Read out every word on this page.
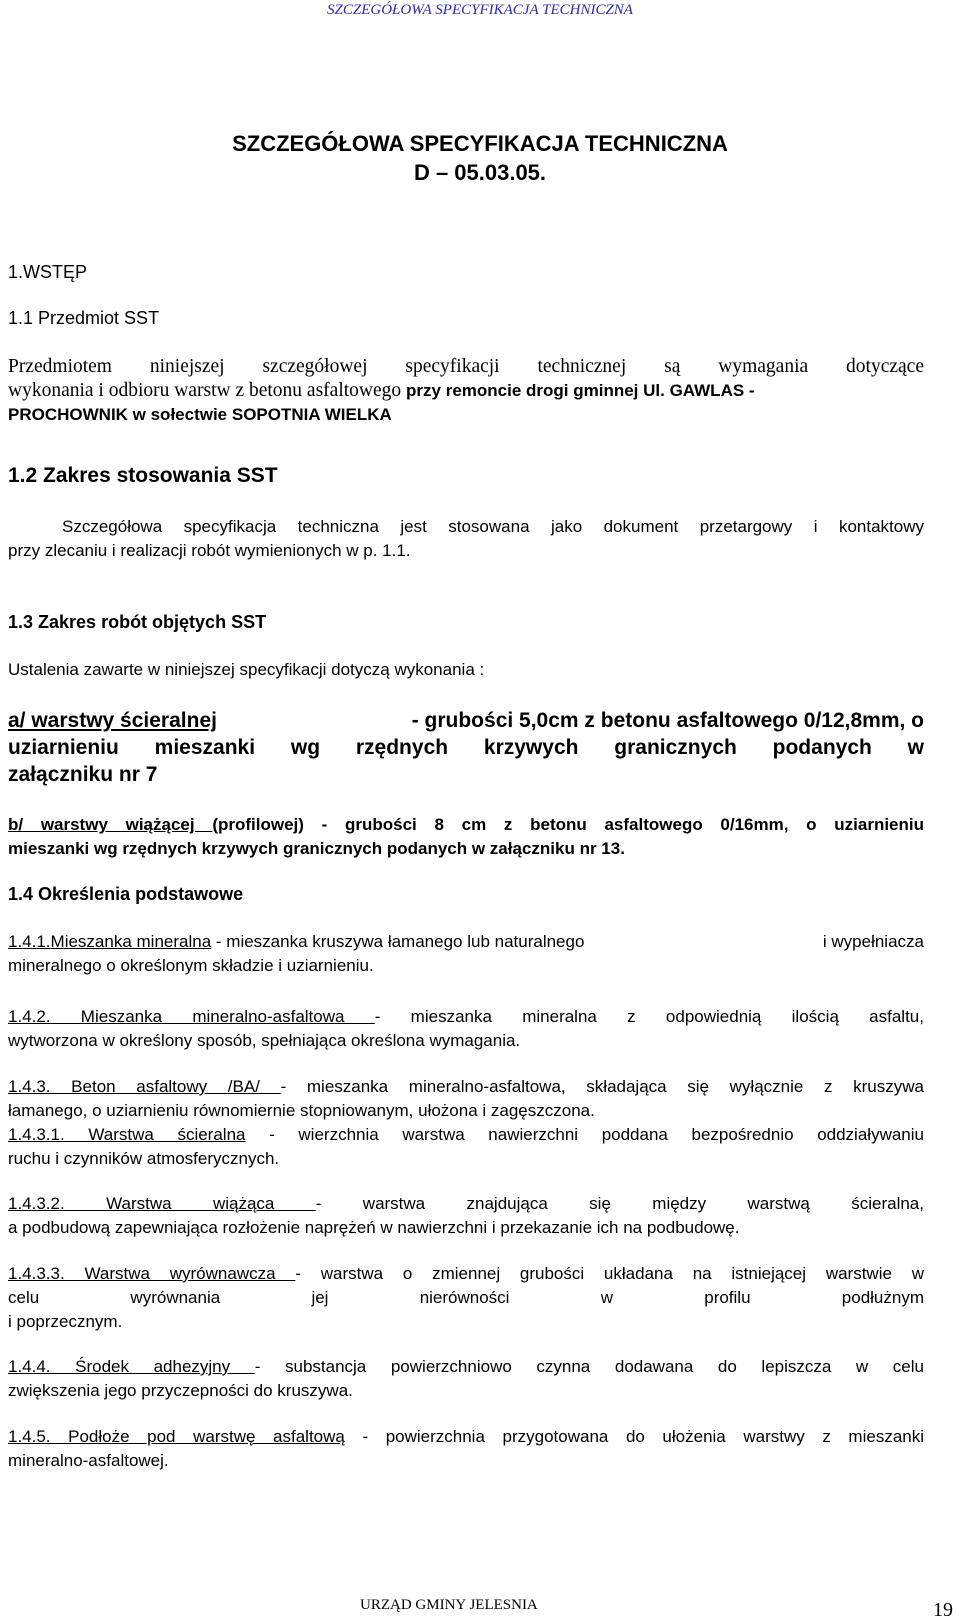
SZCZEGÓŁOWA SPECYFIKACJA TECHNICZNA
SZCZEGÓŁOWA SPECYFIKACJA TECHNICZNA
D – 05.03.05.
1.WSTĘP
1.1 Przedmiot SST

Przedmiotem niniejszej szczegółowej specyfikacji technicznej są wymagania dotyczące

wykonania i odbioru warstw z betonu asfaltowego przy remoncie drogi gminnej Ul. GAWLAS -

PROCHOWNIK w sołectwie SOPOTNIA WIELKA

1.2 Zakres stosowania SST
Szczegółowa specyfikacja techniczna jest stosowana jako dokument przetargowy i kontaktowy
przy zlecaniu i realizacji robót wymienionych w p. 1.1.
1.3 Zakres robót objętych SST
Ustalenia zawarte w niniejszej specyfikacji dotyczą wykonania :
a/ warstwy ścieralnej	- grubości 5,0cm z betonu asfaltowego 0/12,8mm, o
uziarnieniu mieszanki wg rzędnych krzywych granicznych podanych w
załączniku nr 7
b/ warstwy wiążącej (profilowej) - grubości 8 cm z betonu asfaltowego 0/16mm, o uziarnieniu
mieszanki wg rzędnych krzywych granicznych podanych w załączniku nr 13.
1.4 Określenia podstawowe
1.4.1.Mieszanka mineralna - mieszanka kruszywa łamanego lub naturalnego	i wypełniacza
mineralnego o określonym składzie i uziarnieniu.
1.4.2. Mieszanka mineralno-asfaltowa - mieszanka mineralna z odpowiednią ilością asfaltu,
wytworzona w określony sposób, spełniająca określona wymagania.
1.4.3. Beton asfaltowy /BA/ - mieszanka mineralno-asfaltowa, składająca się wyłącznie z kruszywa
łamanego, o uziarnieniu równomiernie stopniowanym, ułożona i zagęszczona.
1.4.3.1. Warstwa ścieralna - wierzchnia warstwa nawierzchni poddana bezpośrednio oddziaływaniu
ruchu i czynników atmosferycznych.
1.4.3.2. Warstwa wiążąca - warstwa znajdująca się między warstwą ścieralna,
a podbudową zapewniająca rozłożenie naprężeń w nawierzchni i przekazanie ich na podbudowę.
1.4.3.3. Warstwa wyrównawcza - warstwa o zmiennej grubości układana na istniejącej warstwie w
celu wyrównania jej nierówności w profilu podłużnym
i poprzecznym.
1.4.4. Środek adhezyjny - substancja powierzchniowo czynna dodawana do lepiszcza w celu
zwiększenia jego przyczepności do kruszywa.
1.4.5. Podłoże pod warstwę asfaltową - powierzchnia przygotowana do ułożenia warstwy z mieszanki
mineralno-asfaltowej.
URZĄD GMINY JELESNIA	19
